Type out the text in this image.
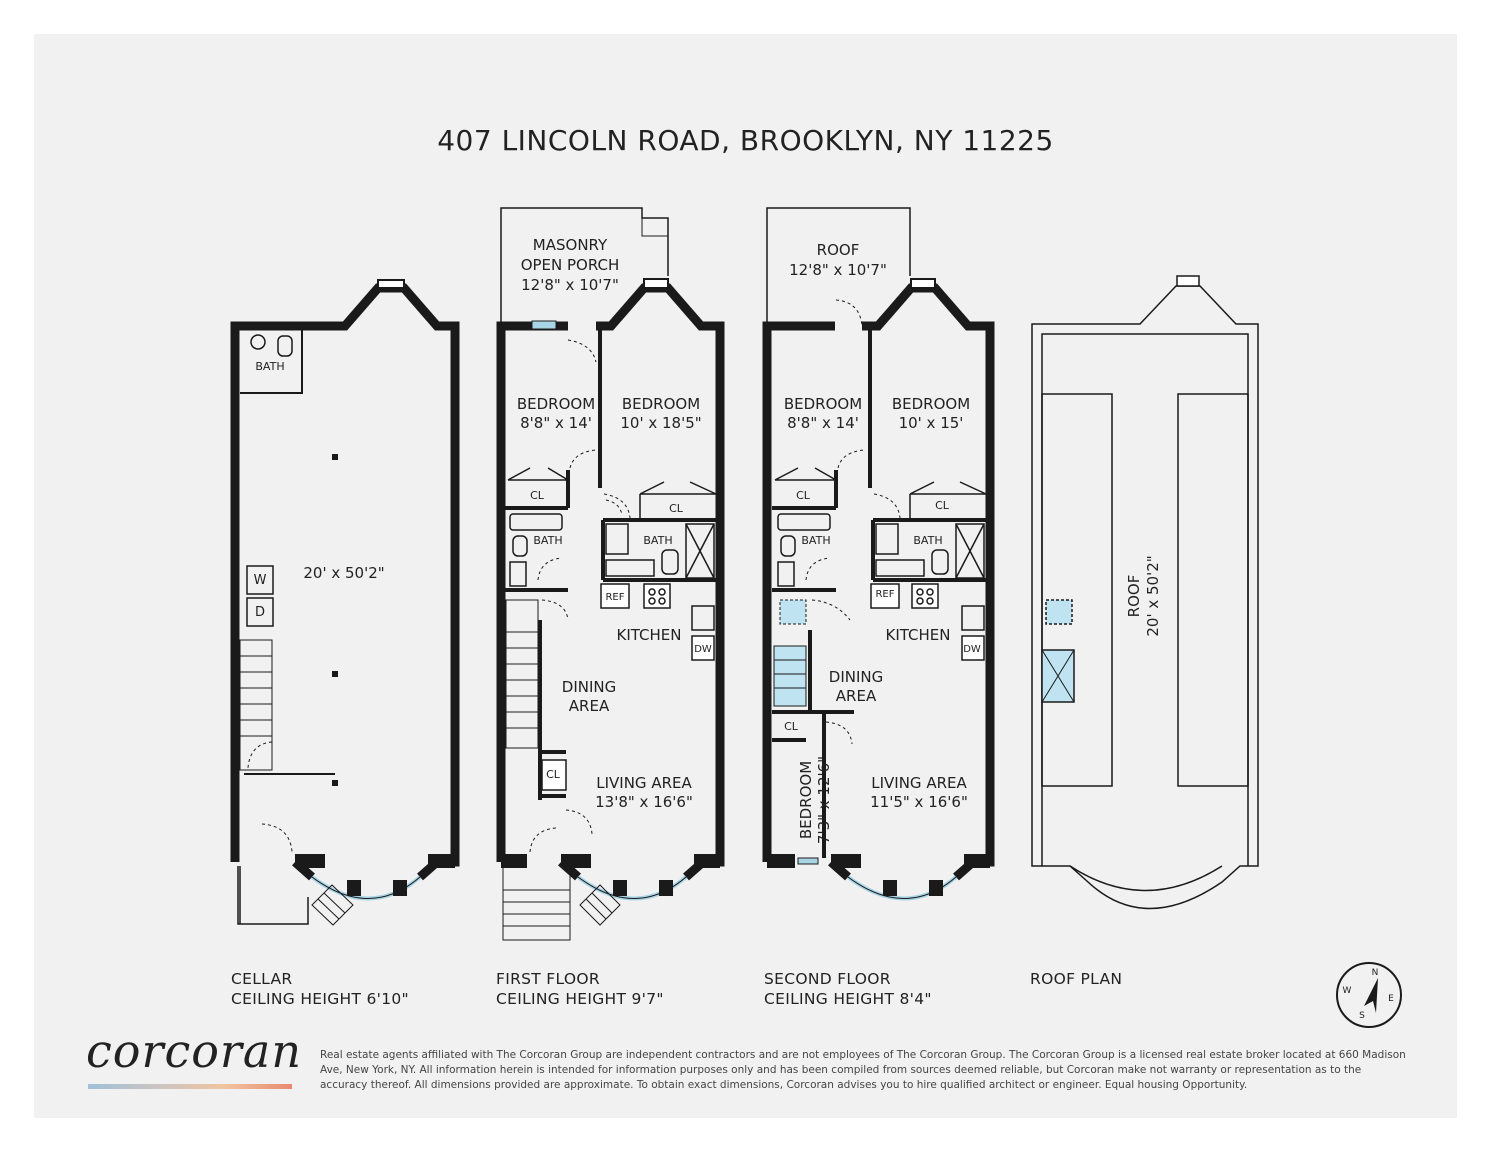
407 LINCOLN ROAD, BROOKLYN, NY 11225
BATH
20' x 50'2"
W
D
MASONRY
OPEN PORCH
12'8" x 10'7"
BEDROOM
8'8" x 14'
BEDROOM
10' x 18'5"
CL
CL
BATH	BATH
REF
KITCHEN
DW
DINING
AREA
CL LIVING AREA
13'8" x 16'6"
ROOF
12'8" x 10'7"
BEDROOM
8'8" x 14'
BEDROOM
10' x 15'
CL
CL
BATH	BATH
REF
KITCHEN
DW
DINING
AREA
CL
BEDROOM 7'3" x 12'6"	LIVING AREA
11'5" x 16'6"
ROOF 20' x 50'2"
N
E
S
W
CELLAR
CEILING HEIGHT 6'10"
FIRST FLOOR
CEILING HEIGHT 9'7"
SECOND FLOOR
CEILING HEIGHT 8'4"
ROOF PLAN
corcoran Real estate agents affiliated with The Corcoran Group are independent contractors and are not employees of The Corcoran Group. The Corcoran Group is a licensed real estate broker located at 660 Madison Ave, New York, NY. All information herein is intended for information purposes only and has been compiled from sources deemed reliable, but Corcoran make not warranty or representation as to the accuracy thereof. All dimensions provided are approximate. To obtain exact dimensions, Corcoran advises you to hire qualified architect or engineer. Equal housing Opportunity.
